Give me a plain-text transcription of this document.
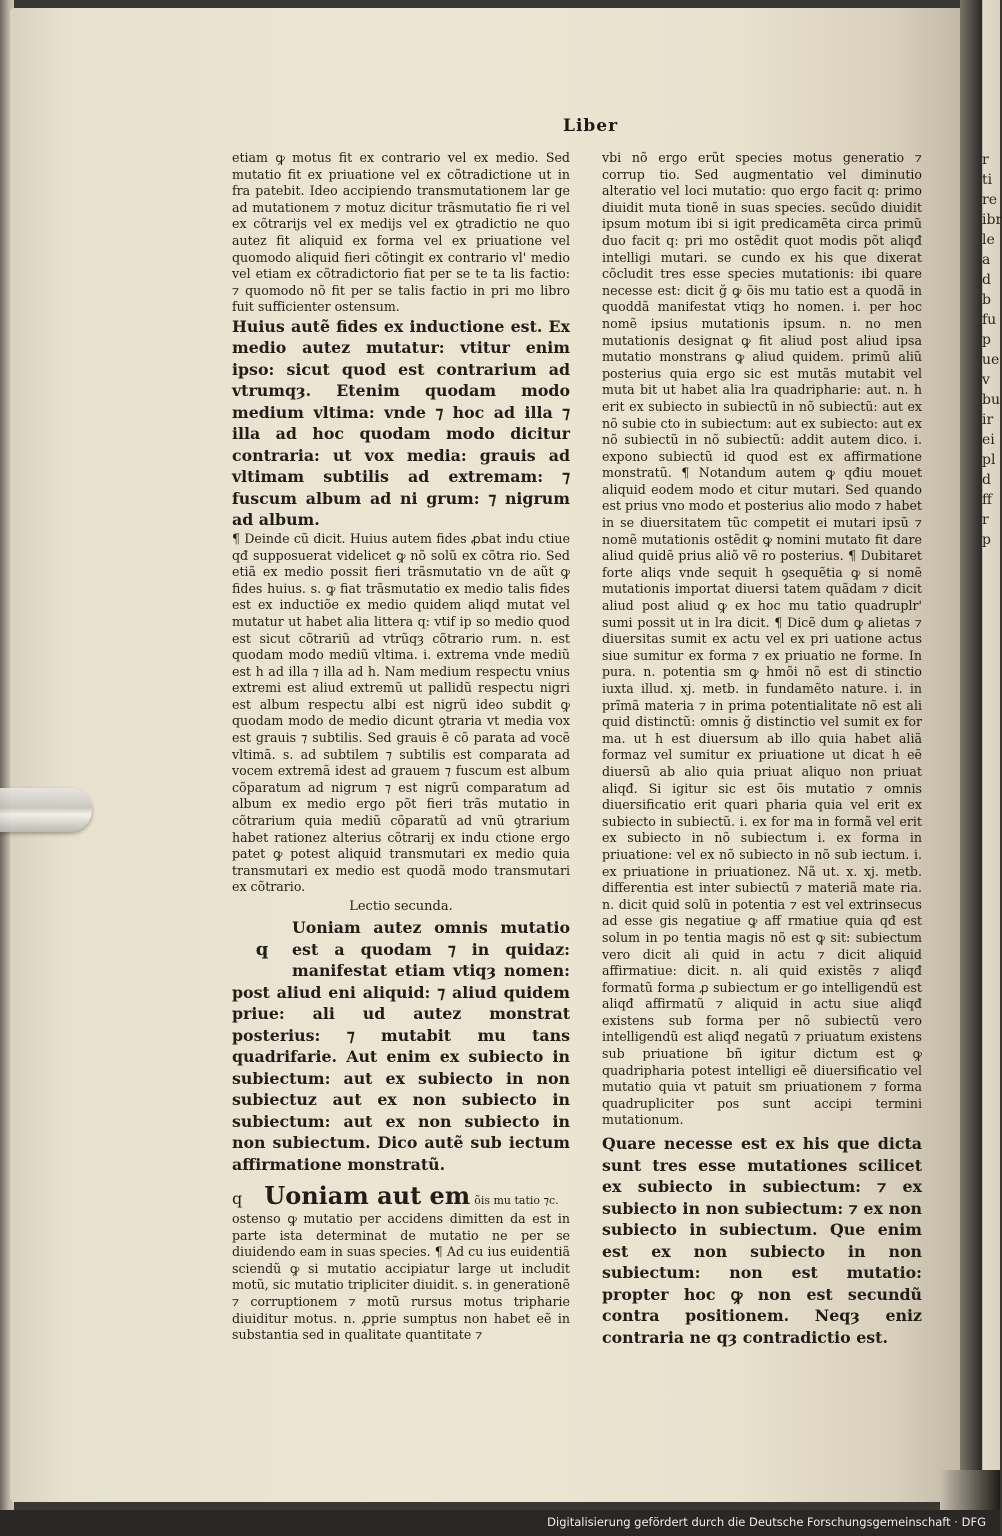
r ti re ibr le a d b fu p ue v bu ir ei pl d ff r p
Liber

etiam ꝙ motus fit ex contrario vel ex medio. Sed mutatio fit ex priuatione vel ex cõtradictione ut in fra patebit. Ideo accipiendo transmutationem lar ge ad mutationem ⁊ motuz dicitur trãsmutatio fie ri vel ex cõtrarijs vel ex medijs vel ex ꝯtradictio ne quo autez fit aliquid ex forma vel ex priuatione vel quomodo aliquid fieri cõtingit ex contrario vl' medio vel etiam ex cõtradictorio fiat per se te ta lis factio: ⁊ quomodo nõ fit per se talis factio in pri mo libro fuit sufficienter ostensum.

Huius autẽ fides ex inductione est. Ex medio autez mutatur: vtitur enim ipso: sicut quod est contrarium ad vtrumqȝ. Etenim quodam modo medium vltima: vnde ⁊ hoc ad illa ⁊ illa ad hoc quodam modo dicitur contraria: ut vox media: grauis ad vltimam subtilis ad extremam: ⁊ fuscum album ad ni grum: ⁊ nigrum ad album.

¶ Deinde cũ dicit. Huius autem fides ꝓbat indu ctiue qđ supposuerat videlicet ꝙ nõ solũ ex cõtra rio. Sed etiã ex medio possit fieri trãsmutatio vn de aũt ꝙ fides huius. s. ꝙ fiat trãsmutatio ex medio talis fides est ex inductiõe ex medio quidem aliqd mutat vel mutatur ut habet alia littera q: vtif ip so medio quod est sicut cõtrariũ ad vtrũqȝ cõtrario rum. n. est quodam modo mediũ vltima. i. extrema vnde mediũ est h ad illa ⁊ illa ad h. Nam medium respectu vnius extremi est aliud extremũ ut pallidũ respectu nigri est album respectu albi est nigrũ ideo subdit ꝙ quodam modo de medio dicunt ꝯtraria vt media vox est grauis ⁊ subtilis. Sed grauis ẽ cõ parata ad vocẽ vltimã. s. ad subtilem ⁊ subtilis est comparata ad vocem extremã idest ad grauem ⁊ fuscum est album cõparatum ad nigrum ⁊ est nigrũ comparatum ad album ex medio ergo põt fieri trãs mutatio in cõtrarium quia mediũ cõparatũ ad vnũ ꝯtrarium habet rationez alterius cõtrarij ex indu ctione ergo patet ꝙ potest aliquid transmutari ex medio quia transmutari ex medio est quodã modo transmutari ex cõtrario.

Lectio secunda.

q
Uoniam autez omnis mutatio est a quodam ⁊ in quidaz: manifestat etiam vtiqȝ nomen: post aliud eni aliquid: ⁊ aliud quidem priue: ali ud autez monstrat posterius: ⁊ mutabit mu tans quadrifarie. Aut enim ex subiecto in subiectum: aut ex subiecto in non subiectuz aut ex non subiecto in subiectum: aut ex non subiecto in non subiectum. Dico autẽ sub iectum affirmatione monstratũ.

q Uoniam aut em õis mu tatio ⁊c.

ostenso ꝙ mutatio per accidens dimitten da est in parte ista determinat de mutatio ne per se diuidendo eam in suas species. ¶ Ad cu ius euidentiã sciendũ ꝙ si mutatio accipiatur large ut includit motũ, sic mutatio tripliciter diuidit. s. in generationẽ ⁊ corruptionem ⁊ motũ rursus motus tripharie diuiditur motus. n. ꝓprie sumptus non habet eẽ in substantia sed in qualitate quantitate ⁊

vbi nõ ergo erũt species motus generatio ⁊ corrup tio. Sed augmentatio vel diminutio alteratio vel loci mutatio: quo ergo facit q: primo diuidit muta tionẽ in suas species. secũdo diuidit ipsum motum ibi si igit predicamẽta circa primũ duo facit q: pri mo ostẽdit quot modis põt aliqđ intelligi mutari. se cundo ex his que dixerat cõcludit tres esse species mutationis: ibi quare necesse est: dicit ğ ꝙ õis mu tatio est a quodã in quoddã manifestat vtiqȝ ho nomen. i. per hoc nomẽ ipsius mutationis ipsum. n. no men mutationis designat ꝙ fit aliud post aliud ipsa mutatio monstrans ꝙ aliud quidem. primũ aliũ posterius quia ergo sic est mutãs mutabit vel muta bit ut habet alia lra quadripharie: aut. n. h erit ex subiecto in subiectũ in nõ subiectũ: aut ex nõ subie cto in subiectum: aut ex subiecto: aut ex nõ subiectũ in nõ subiectũ: addit autem dico. i. expono subiectũ id quod est ex affirmatione monstratũ. ¶ Notandum autem ꝙ qđiu mouet aliquid eodem modo et citur mutari. Sed quando est prius vno modo et posterius alio modo ⁊ habet in se diuersitatem tũc competit ei mutari ipsũ ⁊ nomẽ mutationis ostẽdit ꝙ nomini mutato fit dare aliud quidẽ prius aliõ vẽ ro posterius. ¶ Dubitaret forte aliqs vnde sequit h ꝯsequẽtia ꝙ si nomẽ mutationis importat diuersi tatem quãdam ⁊ dicit aliud post aliud ꝙ ex hoc mu tatio quadruplr' sumi possit ut in lra dicit. ¶ Dicẽ dum ꝙ alietas ⁊ diuersitas sumit ex actu vel ex pri uatione actus siue sumitur ex forma ⁊ ex priuatio ne forme. In pura. n. potentia sm ꝙ hmõi nõ est di stinctio iuxta illud. xj. metb. in fundamẽto nature. i. in prĩmã materia ⁊ in prima potentialitate nõ est ali quid distinctũ: omnis ğ distinctio vel sumit ex for ma. ut h est diuersum ab illo quia habet aliã formaz vel sumitur ex priuatione ut dicat h eẽ diuersũ ab alio quia priuat aliquo non priuat aliqđ. Si igitur sic est õis mutatio ⁊ omnis diuersificatio erit quari pharia quia vel erit ex subiecto in subiectũ. i. ex for ma in formã vel erit ex subiecto in nõ subiectum i. ex forma in priuatione: vel ex nõ subiecto in nõ sub iectum. i. ex priuatione in priuationez. Nã ut. x. xj. metb. differentia est inter subiectũ ⁊ materiã mate ria. n. dicit quid solũ in potentia ⁊ est vel extrinsecus ad esse gis negatiue ꝙ aff rmatiue quia qđ est solum in po tentia magis nõ est ꝙ sit: subiectum vero dicit ali quid in actu ⁊ dicit aliquid affirmatiue: dicit. n. ali quid existẽs ⁊ aliqđ formatũ forma ꝓ subiectum er go intelligendũ est aliqđ affirmatũ ⁊ aliquid in actu siue aliqđ existens sub forma per nõ subiectũ vero intelligendũ est aliqđ negatũ ⁊ priuatum existens sub priuatione bñ igitur dictum est ꝙ quadripharia potest intelligi eẽ diuersificatio vel mutatio quia vt patuit sm priuationem ⁊ forma quadrupliciter pos sunt accipi termini mutationum.

Quare necesse est ex his que dicta sunt tres esse mutationes scilicet ex subiecto in subiectum: ⁊ ex subiecto in non subiectum: ⁊ ex non subiecto in subiectum. Que enim est ex non subiecto in non subiectum: non est mutatio: propter hoc ꝙ non est secundũ contra positionem. Neqȝ eniz contraria ne qȝ contradictio est.

Digitalisierung gefördert durch die Deutsche Forschungsgemeinschaft · DFG
